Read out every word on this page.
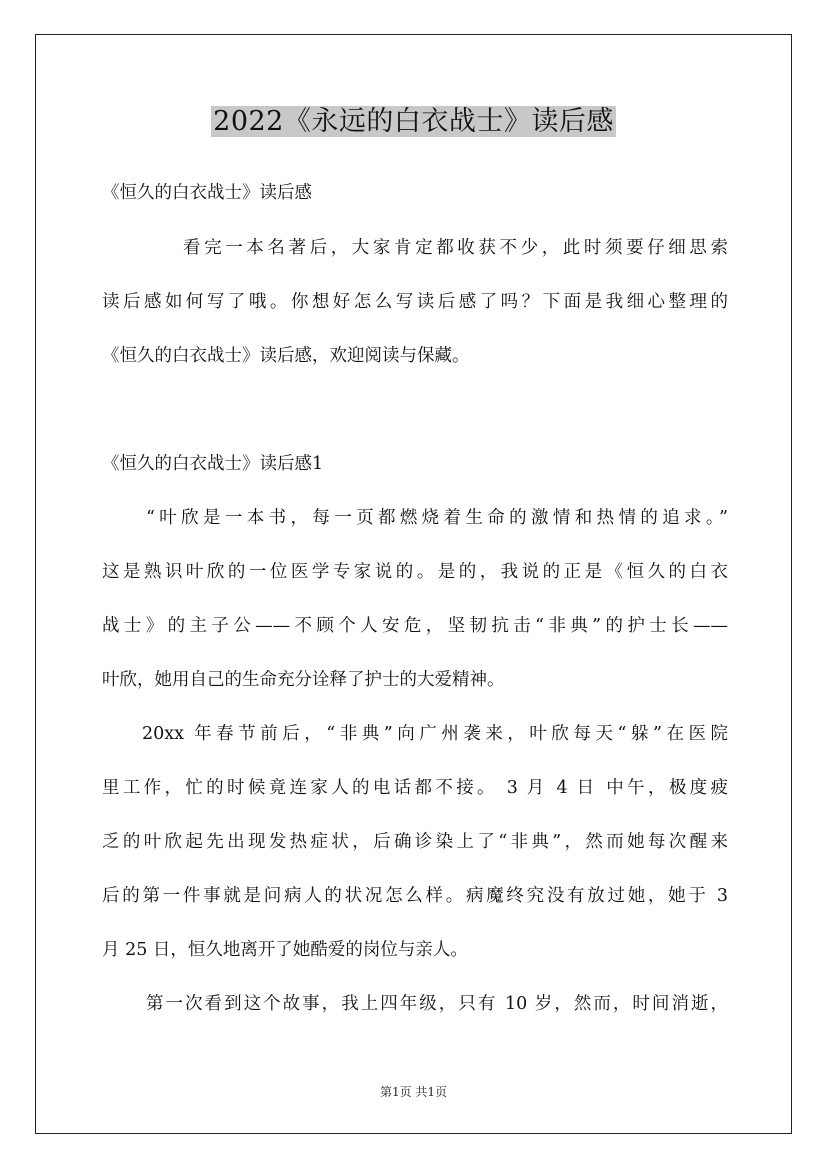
2022《永远的白衣战士》读后感
《恒久的白衣战士》读后感
看完一本名著后，大家肯定都收获不少，此时须要仔细思索
读后感如何写了哦。你想好怎么写读后感了吗？下面是我细心整理的
《恒久的白衣战士》读后感，欢迎阅读与保藏。
《恒久的白衣战士》读后感1
“叶欣是一本书，每一页都燃烧着生命的激情和热情的追求。”
这是熟识叶欣的一位医学专家说的。是的，我说的正是《恒久的白衣
战士》的主子公——不顾个人安危，坚韧抗击“非典”的护士长——
叶欣，她用自己的生命充分诠释了护士的大爱精神。
20xx 年春节前后，“非典”向广州袭来，叶欣每天“躲”在医院
里工作，忙的时候竟连家人的电话都不接。 3 月 4 日 中午，极度疲
乏的叶欣起先出现发热症状，后确诊染上了“非典”，然而她每次醒来
后的第一件事就是问病人的状况怎么样。病魔终究没有放过她，她于 3
月 25 日，恒久地离开了她酷爱的岗位与亲人。
第一次看到这个故事，我上四年级，只有 10 岁，然而，时间消逝，
第1页 共1页
